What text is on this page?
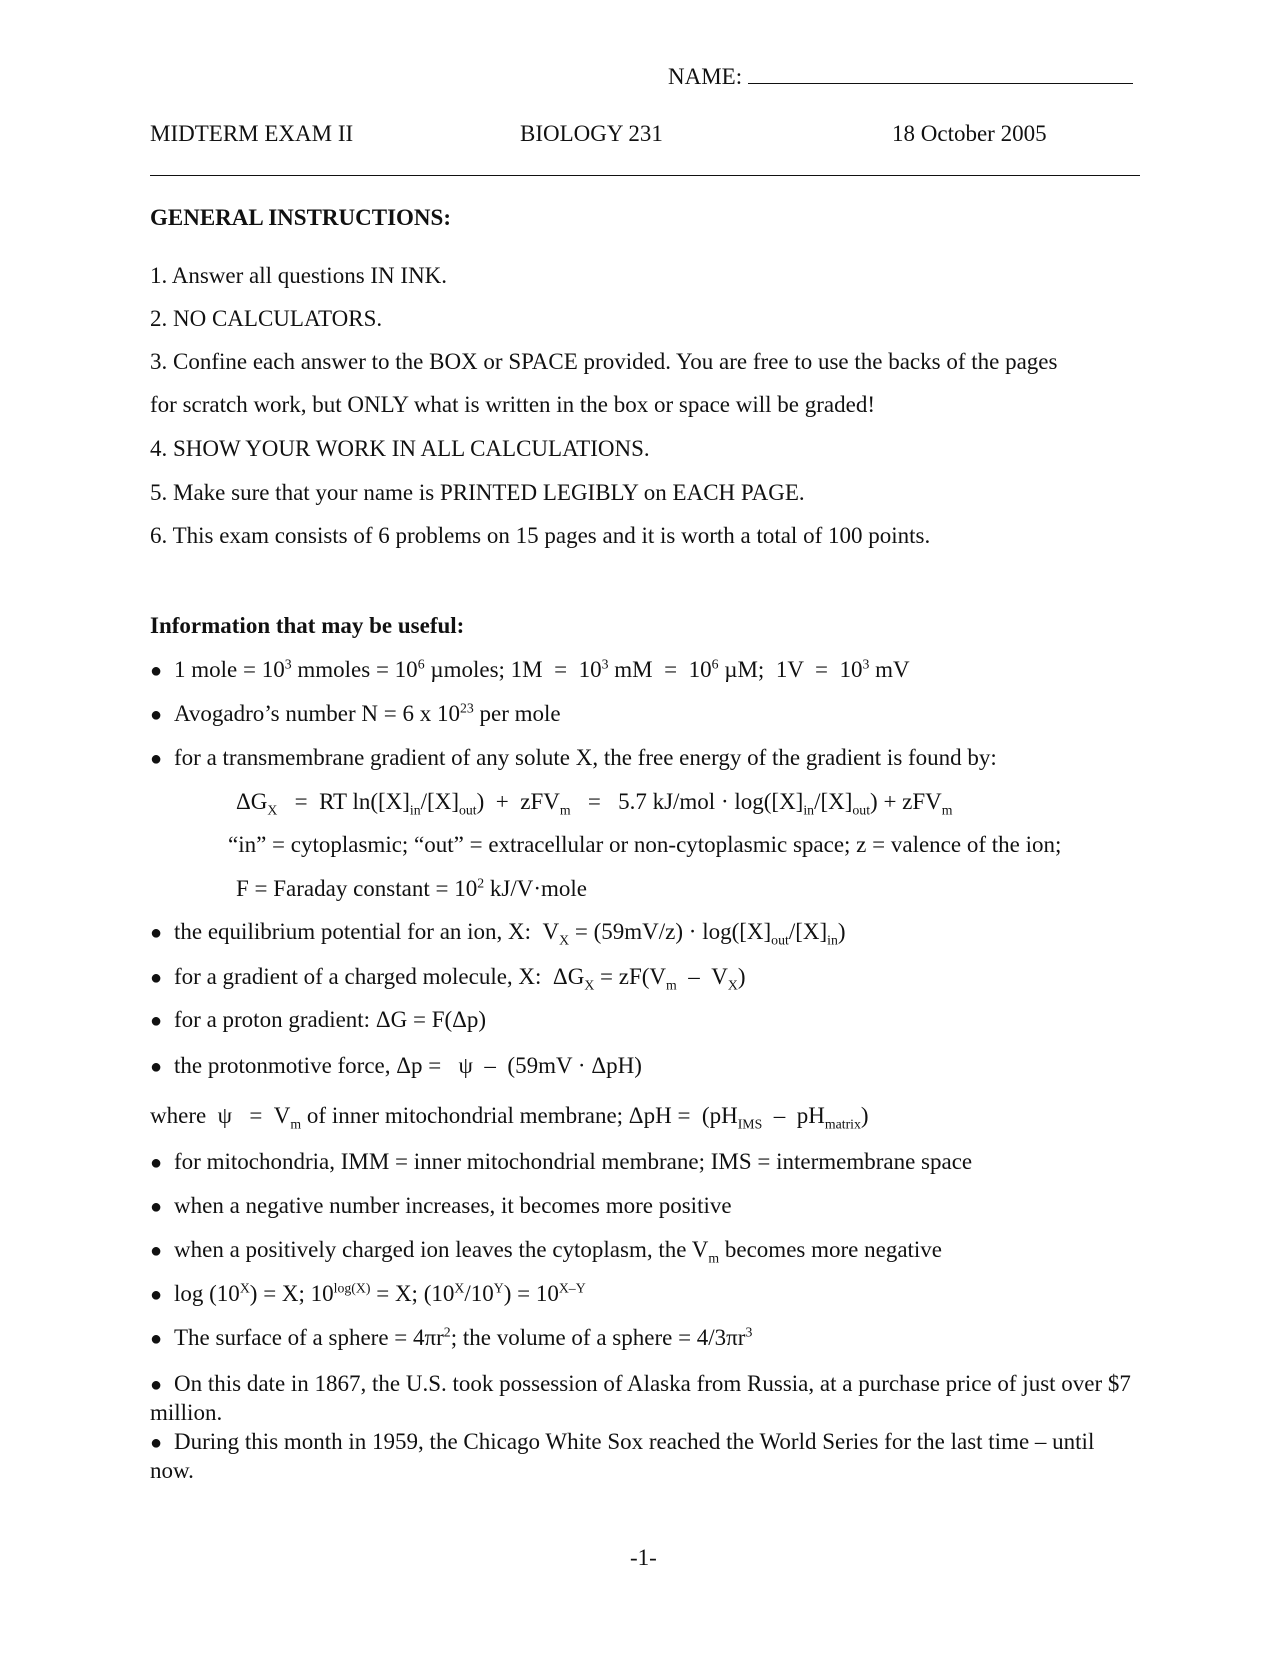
NAME:
MIDTERM EXAM II	BIOLOGY 231	18 October 2005
GENERAL INSTRUCTIONS:
1. Answer all questions IN INK.
2. NO CALCULATORS.
3. Confine each answer to the BOX or SPACE provided. You are free to use the backs of the pages
for scratch work, but ONLY what is written in the box or space will be graded!
4. SHOW YOUR WORK IN ALL CALCULATIONS.
5. Make sure that your name is PRINTED LEGIBLY on EACH PAGE.
6. This exam consists of 6 problems on 15 pages and it is worth a total of 100 points.
Information that may be useful:
● 1 mole = $10^3$ mmoles = $10^6$ µmoles; $1M = 10^3$ mM  =  $10^6$ µM;  $1V = 10^3$ mV
● Avogadro’s number N = 6 x $10^{23}$ per mole
● for a transmembrane gradient of any solute X, the free energy of the gradient is found by:
$\Delta G_X$   =  RT $\ln([X]_{in}/[X]_{out}) + zFV_m = 5.7$ $kJ/mol \cdot \log([X]_{in}/[X]_{out}) + zFV_m$
“in” = cytoplasmic; “out” = extracellular or non-cytoplasmic space; z = valence of the ion;
F = Faraday constant = $10^2$ kJ/V·mole
● the equilibrium potential for an ion, X:  $V_X = (59mV/z) \cdot \log([X]_{out}/[X]_{in})$
● for a gradient of a charged molecule, X:  $\Delta G_X = zF(V_m - V_X)$
● for a proton gradient: ΔG = F(Δp)
● the protonmotive force, Δp =   ψ  –  (59mV · ΔpH)
where  $\psi = V_m$ of inner mitochondrial membrane; $\Delta pH = (pH_{IMS} - pH_{matrix})$
● for mitochondria, IMM = inner mitochondrial membrane; IMS = intermembrane space
● when a negative number increases, it becomes more positive
● when a positively charged ion leaves the cytoplasm, the $V_m$ becomes more negative
● $\log (10^X) = X$; $10^{log(X)} = X$; $(10^X/10^Y) = 10^{X-Y}$
● The surface of a sphere = $4\pi r^2$; the volume of a sphere = $4/3\pi r^3$
● On this date in 1867, the U.S. took possession of Alaska from Russia, at a purchase price of just over $7 million.
● During this month in 1959, the Chicago White Sox reached the World Series for the last time – until now.
-1-
